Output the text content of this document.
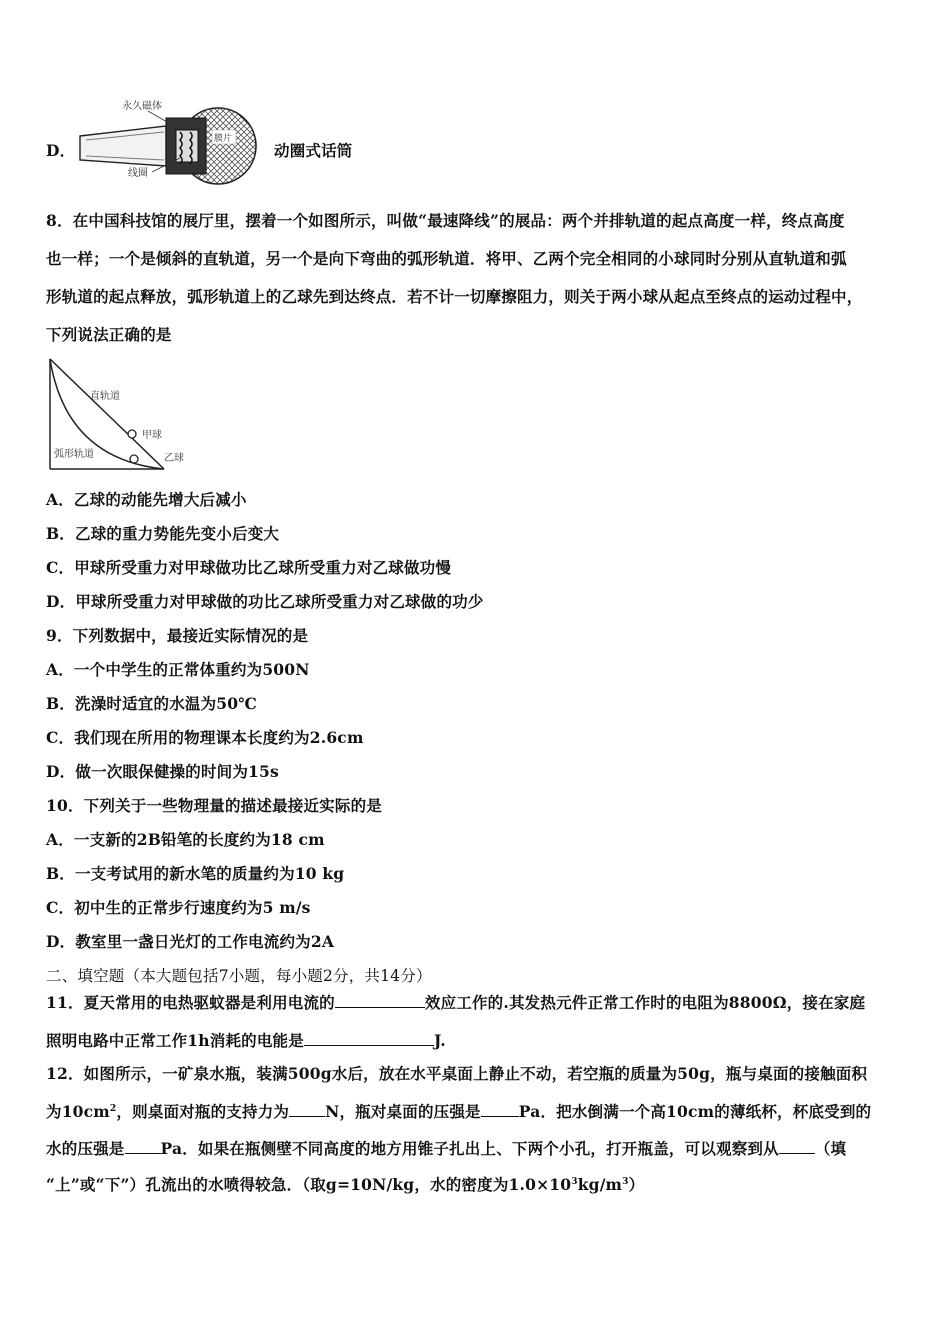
D．
膜片
永久磁体
线圈
动圈式话筒
8．在中国科技馆的展厅里，摆着一个如图所示，叫做“最速降线”的展品：两个并排轨道的起点高度一样，终点高度
也一样；一个是倾斜的直轨道，另一个是向下弯曲的弧形轨道．将甲、乙两个完全相同的小球同时分别从直轨道和弧
形轨道的起点释放，弧形轨道上的乙球先到达终点．若不计一切摩擦阻力，则关于两小球从起点至终点的运动过程中，
下列说法正确的是
直轨道
甲球
弧形轨道	乙球
A．乙球的动能先增大后减小
B．乙球的重力势能先变小后变大
C．甲球所受重力对甲球做功比乙球所受重力对乙球做功慢
D．甲球所受重力对甲球做的功比乙球所受重力对乙球做的功少
9．下列数据中，最接近实际情况的是
A．一个中学生的正常体重约为500N
B．洗澡时适宜的水温为50℃
C．我们现在所用的物理课本长度约为2.6cm
D．做一次眼保健操的时间为15s
10．下列关于一些物理量的描述最接近实际的是
A．一支新的2B铅笔的长度约为18 cm
B．一支考试用的新水笔的质量约为10 kg
C．初中生的正常步行速度约为5 m/s
D．教室里一盏日光灯的工作电流约为2A
二、填空题（本大题包括7小题，每小题2分，共14分）
11．夏天常用的电热驱蚊器是利用电流的	效应工作的.其发热元件正常工作时的电阻为8800Ω，接在家庭
照明电路中正常工作1h消耗的电能是	J.
12．如图所示，一矿泉水瓶，装满500g水后，放在水平桌面上静止不动，若空瓶的质量为50g，瓶与桌面的接触面积
为$10cm^2$，则桌面对瓶的支持力为 N，瓶对桌面的压强是 Pa．把水倒满一个高10cm的薄纸杯，杯底受到的
水的压强是 Pa．如果在瓶侧壁不同高度的地方用锥子扎出上、下两个小孔，打开瓶盖，可以观察到从 （填
“上”或“下”）孔流出的水喷得较急．（取g=10N/kg，水的密度为$1.0\times 10^3kg/m^3$）
